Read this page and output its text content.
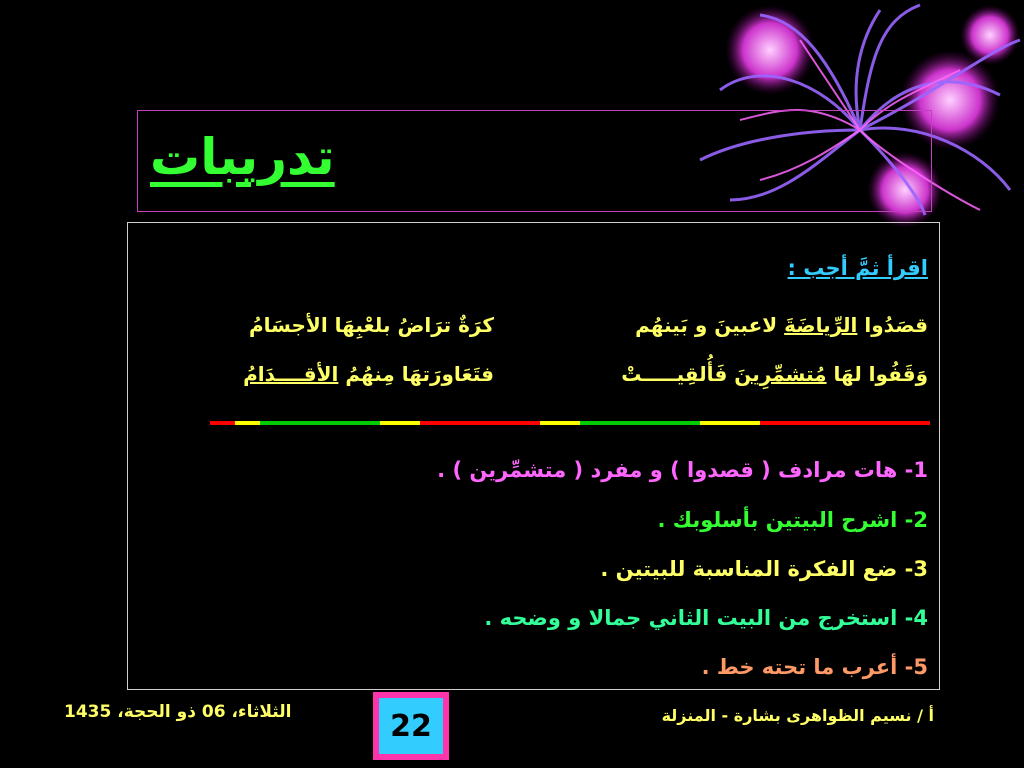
تدريبات
اقرأ ثمَّ أجب :
قصَدُوا الرِّياضَةَ لاعبينَ و بَينهُم
كرَةٌ ترَاضُ بلعْبِهَا الأجسَامُ
وَقَفُوا لهَا مُتشمِّرِينَ فَأُلقِيـــــتْ
فتَعَاورَتهَا مِنهُمُ الأقــــدَامُ
1- هات مرادف ( قصدوا ) و مفرد ( متشمِّرين ) .
2- اشرح البيتين بأسلوبك .
3- ضع الفكرة المناسبة للبيتين .
4- استخرج من البيت الثاني جمالا و وضحه .
5- أعرب ما تحته خط .
الثلاثاء، 06 ذو الحجة، 1435	22	أ / نسيم الظواهرى بشارة - المنزلة
